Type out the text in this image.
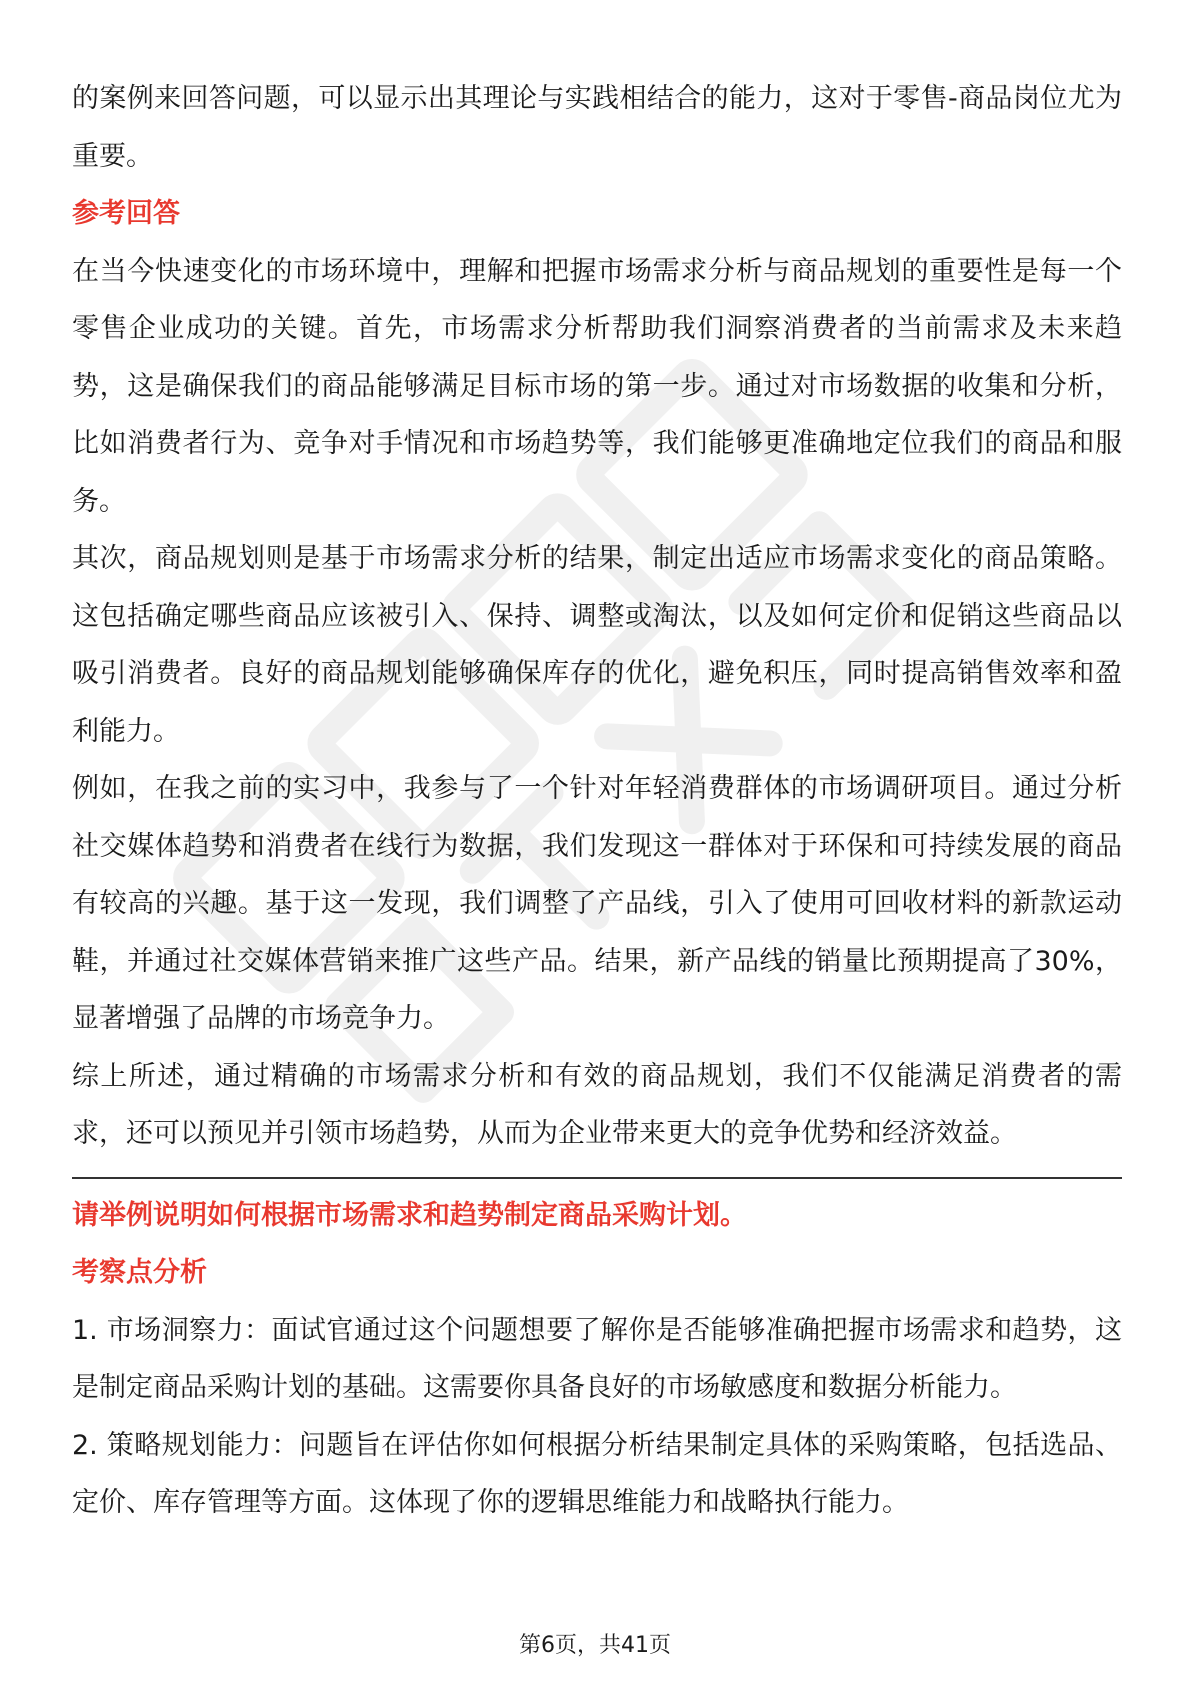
的案例来回答问题，可以显示出其理论与实践相结合的能力，这对于零售-商品岗位尤为重要。

参考回答

在当今快速变化的市场环境中，理解和把握市场需求分析与商品规划的重要性是每一个零售企业成功的关键。首先，市场需求分析帮助我们洞察消费者的当前需求及未来趋势，这是确保我们的商品能够满足目标市场的第一步。通过对市场数据的收集和分析，比如消费者行为、竞争对手情况和市场趋势等，我们能够更准确地定位我们的商品和服务。

其次，商品规划则是基于市场需求分析的结果，制定出适应市场需求变化的商品策略。这包括确定哪些商品应该被引入、保持、调整或淘汰，以及如何定价和促销这些商品以吸引消费者。良好的商品规划能够确保库存的优化，避免积压，同时提高销售效率和盈利能力。

例如，在我之前的实习中，我参与了一个针对年轻消费群体的市场调研项目。通过分析社交媒体趋势和消费者在线行为数据，我们发现这一群体对于环保和可持续发展的商品有较高的兴趣。基于这一发现，我们调整了产品线，引入了使用可回收材料的新款运动鞋，并通过社交媒体营销来推广这些产品。结果，新产品线的销量比预期提高了30%，显著增强了品牌的市场竞争力。

综上所述，通过精确的市场需求分析和有效的商品规划，我们不仅能满足消费者的需求，还可以预见并引领市场趋势，从而为企业带来更大的竞争优势和经济效益。

请举例说明如何根据市场需求和趋势制定商品采购计划。

考察点分析

1. 市场洞察力：面试官通过这个问题想要了解你是否能够准确把握市场需求和趋势，这是制定商品采购计划的基础。这需要你具备良好的市场敏感度和数据分析能力。

2. 策略规划能力：问题旨在评估你如何根据分析结果制定具体的采购策略，包括选品、定价、库存管理等方面。这体现了你的逻辑思维能力和战略执行能力。

第6页，共41页
